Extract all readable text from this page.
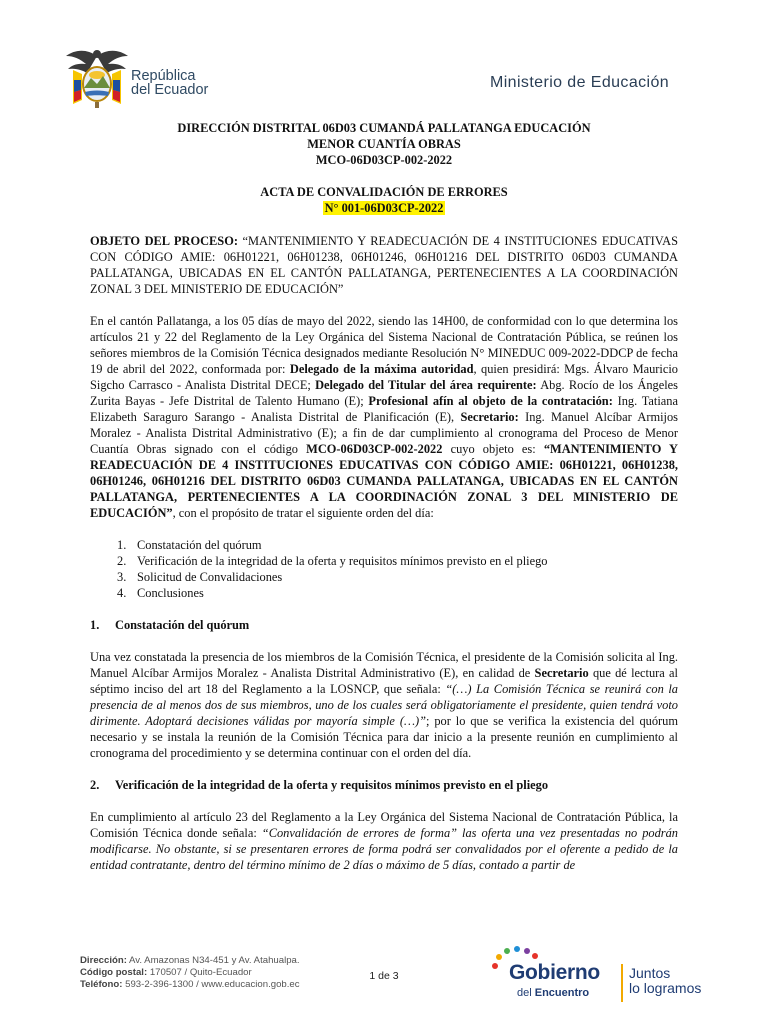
República
del Ecuador	Ministerio de Educación
DIRECCIÓN DISTRITAL 06D03 CUMANDÁ PALLATANGA EDUCACIÓN
MENOR CUANTÍA OBRAS
MCO-06D03CP-002-2022
ACTA DE CONVALIDACIÓN DE ERRORES
N° 001-06D03CP-2022

OBJETO DEL PROCESO: “MANTENIMIENTO Y READECUACIÓN DE 4 INSTITUCIONES EDUCATIVAS CON CÓDIGO AMIE: 06H01221, 06H01238, 06H01246, 06H01216 DEL DISTRITO 06D03 CUMANDA PALLATANGA, UBICADAS EN EL CANTÓN PALLATANGA, PERTENECIENTES A LA COORDINACIÓN ZONAL 3 DEL MINISTERIO DE EDUCACIÓN”

En el cantón Pallatanga, a los 05 días de mayo del 2022, siendo las 14H00, de conformidad con lo que determina los artículos 21 y 22 del Reglamento de la Ley Orgánica del Sistema Nacional de Contratación Pública, se reúnen los señores miembros de la Comisión Técnica designados mediante Resolución N° MINEDUC 009-2022-DDCP de fecha 19 de abril del 2022, conformada por: Delegado de la máxima autoridad, quien presidirá: Mgs. Álvaro Mauricio Sigcho Carrasco - Analista Distrital DECE; Delegado del Titular del área requirente: Abg. Rocío de los Ángeles Zurita Bayas - Jefe Distrital de Talento Humano (E); Profesional afín al objeto de la contratación: Ing. Tatiana Elizabeth Saraguro Sarango - Analista Distrital de Planificación (E), Secretario: Ing. Manuel Alcíbar Armijos Moralez - Analista Distrital Administrativo (E); a fin de dar cumplimiento al cronograma del Proceso de Menor Cuantía Obras signado con el código MCO-06D03CP-002-2022 cuyo objeto es: “MANTENIMIENTO Y READECUACIÓN DE 4 INSTITUCIONES EDUCATIVAS CON CÓDIGO AMIE: 06H01221, 06H01238, 06H01246, 06H01216 DEL DISTRITO 06D03 CUMANDA PALLATANGA, UBICADAS EN EL CANTÓN PALLATANGA, PERTENECIENTES A LA COORDINACIÓN ZONAL 3 DEL MINISTERIO DE EDUCACIÓN”, con el propósito de tratar el siguiente orden del día:

1. Constatación del quórum
2. Verificación de la integridad de la oferta y requisitos mínimos previsto en el pliego
3. Solicitud de Convalidaciones
4. Conclusiones
1. Constatación del quórum

Una vez constatada la presencia de los miembros de la Comisión Técnica, el presidente de la Comisión solicita al Ing. Manuel Alcíbar Armijos Moralez - Analista Distrital Administrativo (E), en calidad de Secretario que dé lectura al séptimo inciso del art 18 del Reglamento a la LOSNCP, que señala: “(…) La Comisión Técnica se reunirá con la presencia de al menos dos de sus miembros, uno de los cuales será obligatoriamente el presidente, quien tendrá voto dirimente. Adoptará decisiones válidas por mayoría simple (…)”; por lo que se verifica la existencia del quórum necesario y se instala la reunión de la Comisión Técnica para dar inicio a la presente reunión en cumplimiento al cronograma del procedimiento y se determina continuar con el orden del día.

2. Verificación de la integridad de la oferta y requisitos mínimos previsto en el pliego

En cumplimiento al artículo 23 del Reglamento a la Ley Orgánica del Sistema Nacional de Contratación Pública, la Comisión Técnica donde señala: “Convalidación de errores de forma” las oferta una vez presentadas no podrán modificarse. No obstante, si se presentaren errores de forma podrá ser convalidados por el oferente a pedido de la entidad contratante, dentro del término mínimo de 2 días o máximo de 5 días, contado a partir de

Dirección: Av. Amazonas N34-451 y Av. Atahualpa.
Código postal: 170507 / Quito-Ecuador
Teléfono: 593-2-396-1300 / www.educacion.gob.ec
1 de 3	Gobierno
del Encuentro
Juntos
lo logramos
